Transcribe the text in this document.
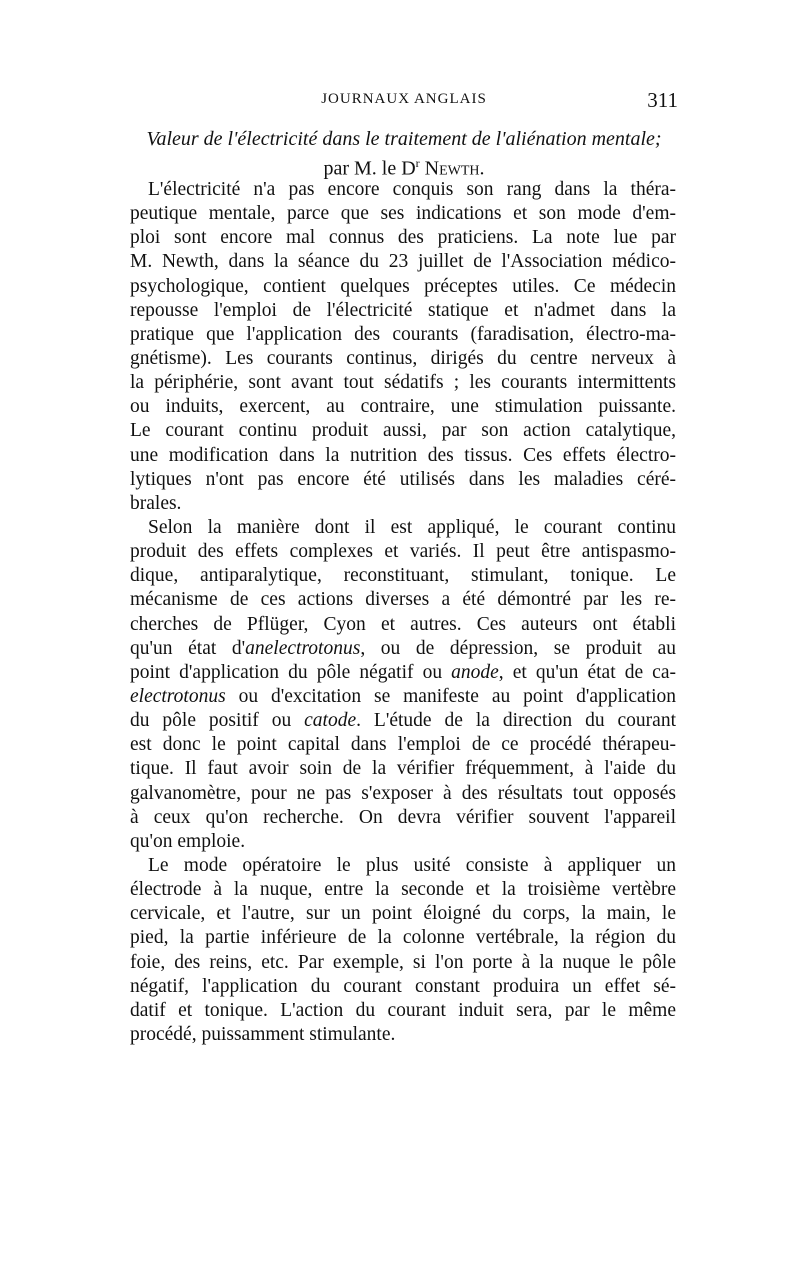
JOURNAUX ANGLAIS	311
Valeur de l'électricité dans le traitement de l'aliénation mentale;
par M. le $D^r$ Newth.
L'électricité n'a pas encore conquis son rang dans la théra-
peutique mentale, parce que ses indications et son mode d'em-
ploi sont encore mal connus des praticiens. La note lue par
M. Newth, dans la séance du 23 juillet de l'Association médico-
psychologique, contient quelques préceptes utiles. Ce médecin
repousse l'emploi de l'électricité statique et n'admet dans la
pratique que l'application des courants (faradisation, électro-ma-
gnétisme). Les courants continus, dirigés du centre nerveux à
la périphérie, sont avant tout sédatifs ; les courants intermittents
ou induits, exercent, au contraire, une stimulation puissante.
Le courant continu produit aussi, par son action catalytique,
une modification dans la nutrition des tissus. Ces effets électro-
lytiques n'ont pas encore été utilisés dans les maladies céré-
brales.
Selon la manière dont il est appliqué, le courant continu
produit des effets complexes et variés. Il peut être antispasmo-
dique, antiparalytique, reconstituant, stimulant, tonique. Le
mécanisme de ces actions diverses a été démontré par les re-
cherches de Pflüger, Cyon et autres. Ces auteurs ont établi
qu'un état d'anelectrotonus, ou de dépression, se produit au
point d'application du pôle négatif ou anode, et qu'un état de ca-
electrotonus ou d'excitation se manifeste au point d'application
du pôle positif ou catode. L'étude de la direction du courant
est donc le point capital dans l'emploi de ce procédé thérapeu-
tique. Il faut avoir soin de la vérifier fréquemment, à l'aide du
galvanomètre, pour ne pas s'exposer à des résultats tout opposés
à ceux qu'on recherche. On devra vérifier souvent l'appareil
qu'on emploie.
Le mode opératoire le plus usité consiste à appliquer un
électrode à la nuque, entre la seconde et la troisième vertèbre
cervicale, et l'autre, sur un point éloigné du corps, la main, le
pied, la partie inférieure de la colonne vertébrale, la région du
foie, des reins, etc. Par exemple, si l'on porte à la nuque le pôle
négatif, l'application du courant constant produira un effet sé-
datif et tonique. L'action du courant induit sera, par le même
procédé, puissamment stimulante.
